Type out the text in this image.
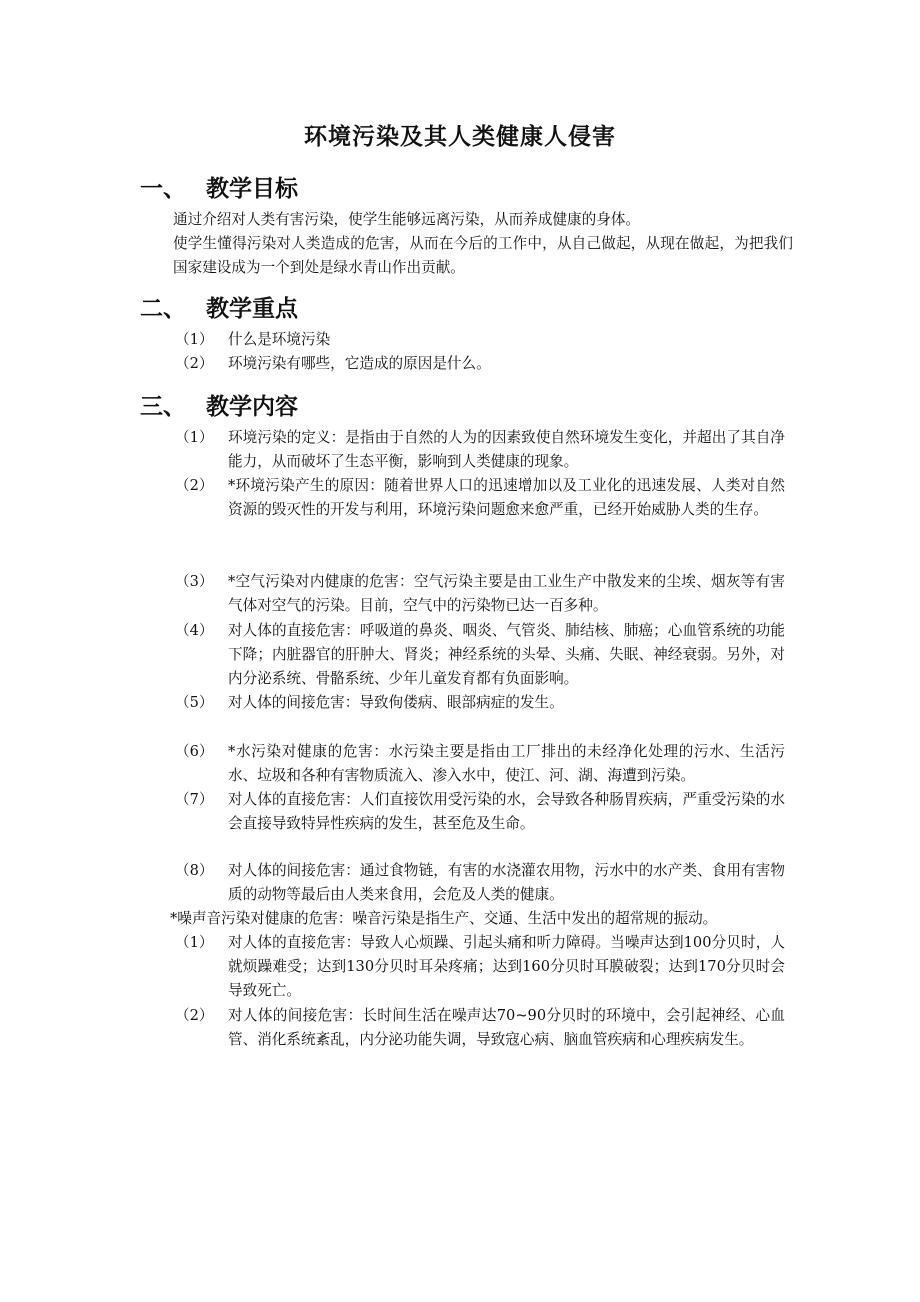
环境污染及其人类健康人侵害
一、 教学目标
通过介绍对人类有害污染，使学生能够远离污染，从而养成健康的身体。
使学生懂得污染对人类造成的危害，从而在今后的工作中，从自己做起，从现在做起，为把我们国家建设成为一个到处是绿水青山作出贡献。
二、 教学重点
（1） 什么是环境污染
（2） 环境污染有哪些，它造成的原因是什么。
三、 教学内容
（1） 环境污染的定义：是指由于自然的人为的因素致使自然环境发生变化，并超出了其自净能力，从而破坏了生态平衡，影响到人类健康的现象。
（2） *环境污染产生的原因：随着世界人口的迅速增加以及工业化的迅速发展、人类对自然资源的毁灭性的开发与利用，环境污染问题愈来愈严重，已经开始威胁人类的生存。
（3） *空气污染对内健康的危害：空气污染主要是由工业生产中散发来的尘埃、烟灰等有害气体对空气的污染。目前，空气中的污染物已达一百多种。
（4） 对人体的直接危害：呼吸道的鼻炎、咽炎、气管炎、肺结核、肺癌；心血管系统的功能下降；内脏器官的肝肿大、肾炎；神经系统的头晕、头痛、失眠、神经衰弱。另外，对内分泌系统、骨骼系统、少年儿童发育都有负面影响。
（5） 对人体的间接危害：导致佝偻病、眼部病症的发生。
（6） *水污染对健康的危害：水污染主要是指由工厂排出的未经净化处理的污水、生活污水、垃圾和各种有害物质流入、渗入水中，使江、河、湖、海遭到污染。
（7） 对人体的直接危害：人们直接饮用受污染的水，会导致各种肠胃疾病，严重受污染的水会直接导致特异性疾病的发生，甚至危及生命。
（8） 对人体的间接危害：通过食物链，有害的水浇灌农用物，污水中的水产类、食用有害物质的动物等最后由人类来食用，会危及人类的健康。
*噪声音污染对健康的危害：噪音污染是指生产、交通、生活中发出的超常规的振动。
（1） 对人体的直接危害：导致人心烦躁、引起头痛和听力障碍。当噪声达到100分贝时，人就烦躁难受；达到130分贝时耳朵疼痛；达到160分贝时耳膜破裂；达到170分贝时会导致死亡。
（2） 对人体的间接危害：长时间生活在噪声达70~90分贝时的环境中，会引起神经、心血管、消化系统紊乱，内分泌功能失调，导致寇心病、脑血管疾病和心理疾病发生。
